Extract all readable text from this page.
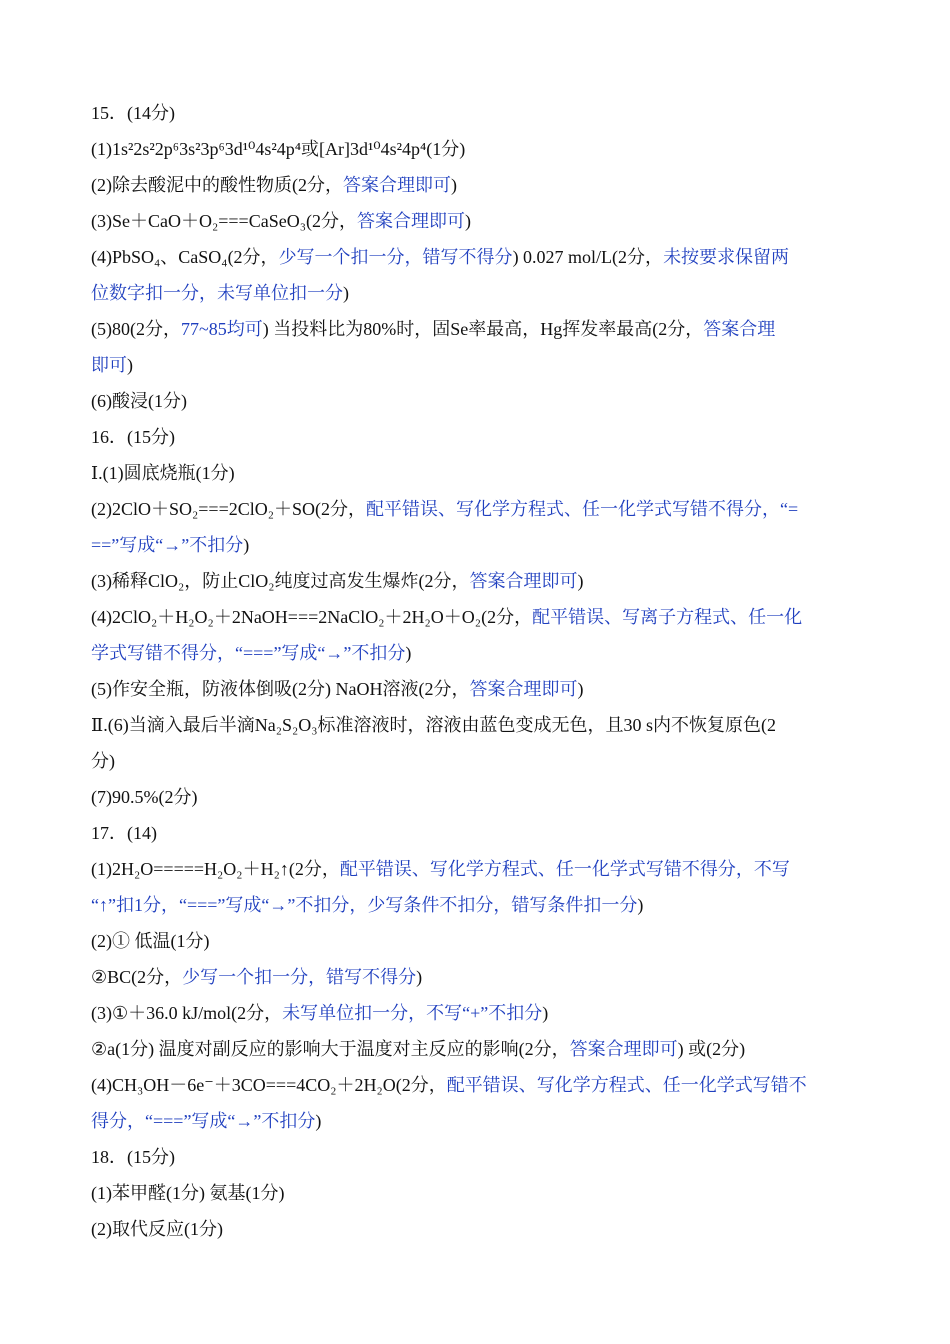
15．(14分)
(1)1s²2s²2p⁶3s²3p⁶3d¹⁰4s²4p⁴或[Ar]3d¹⁰4s²4p⁴(1分)
(2)除去酸泥中的酸性物质(2分，答案合理即可)
(3)Se＋CaO＋O₂===CaSeO₃(2分，答案合理即可)
(4)PbSO₄、CaSO₄(2分，少写一个扣一分，错写不得分) 0.027 mol/L(2分，未按要求保留两
位数字扣一分，未写单位扣一分)
(5)80(2分，77~85均可) 当投料比为80%时，固Se率最高，Hg挥发率最高(2分，答案合理
即可)
(6)酸浸(1分)
16．(15分)
Ⅰ.(1)圆底烧瓶(1分)
(2)2ClO＋SO₂===2ClO₂＋SO(2分，配平错误、写化学方程式、任一化学式写错不得分，“=
==”写成“→”不扣分)
(3)稀释ClO₂，防止ClO₂纯度过高发生爆炸(2分，答案合理即可)
(4)2ClO₂＋H₂O₂＋2NaOH===2NaClO₂＋2H₂O＋O₂(2分，配平错误、写离子方程式、任一化
学式写错不得分，“===”写成“→”不扣分)
(5)作安全瓶，防液体倒吸(2分) NaOH溶液(2分，答案合理即可)
Ⅱ.(6)当滴入最后半滴Na₂S₂O₃标准溶液时，溶液由蓝色变成无色，且30 s内不恢复原色(2
分)
(7)90.5%(2分)
17．(14)
(1)2H₂O=====H₂O₂＋H₂↑(2分，配平错误、写化学方程式、任一化学式写错不得分，不写
“↑”扣1分，“===”写成“→”不扣分，少写条件不扣分，错写条件扣一分)
(2)① 低温(1分)
②BC(2分，少写一个扣一分，错写不得分)
(3)①＋36.0 kJ/mol(2分，未写单位扣一分，不写“+”不扣分)
②a(1分) 温度对副反应的影响大于温度对主反应的影响(2分，答案合理即可) 或(2分)
(4)CH₃OH－6e⁻＋3CO===4CO₂＋2H₂O(2分，配平错误、写化学方程式、任一化学式写错不
得分，“===”写成“→”不扣分)
18．(15分)
(1)苯甲醛(1分) 氨基(1分)
(2)取代反应(1分)
